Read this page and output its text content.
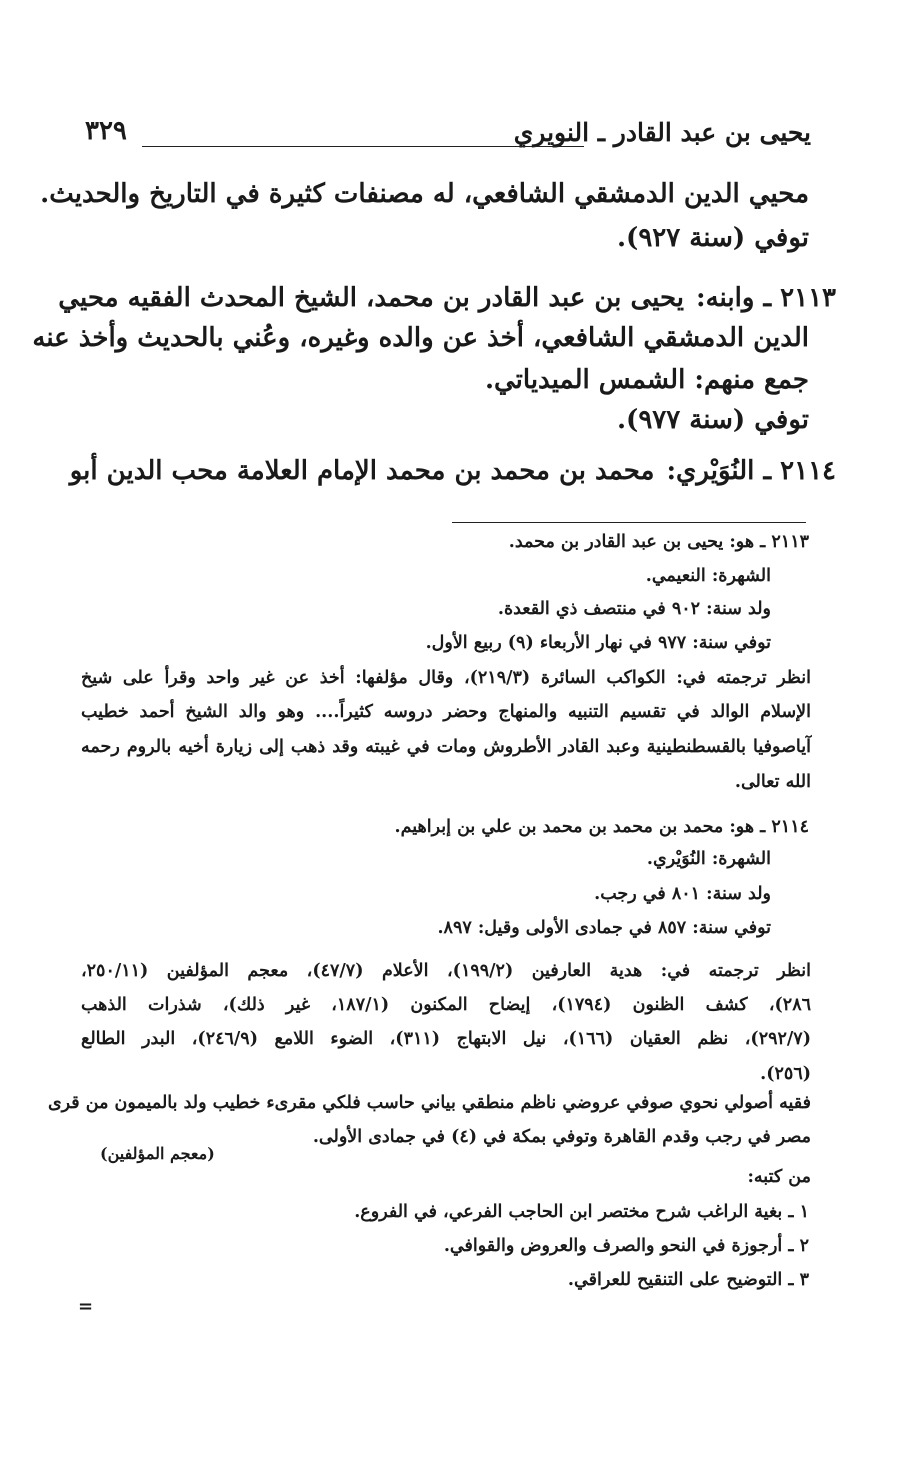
يحيى بن عبد القادر ـ النويري
٣٢٩
محيي الدين الدمشقي الشافعي، له مصنفات كثيرة في التاريخ والحديث.
توفي (سنة ٩٢٧).
٢١١٣ ـ وابنه:
يحيى بن عبد القادر بن محمد، الشيخ المحدث الفقيه محيي
الدين الدمشقي الشافعي، أخذ عن والده وغيره، وعُني بالحديث وأخذ عنه
جمع منهم: الشمس الميدياتي.
توفي (سنة ٩٧٧).
٢١١٤ ـ النُوَيْري:
محمد بن محمد بن محمد الإمام العلامة محب الدين أبو
٢١١٣ ـ هو: يحيى بن عبد القادر بن محمد.
الشهرة: النعيمي.
ولد سنة: ٩٠٢ في منتصف ذي القعدة.
توفي سنة: ٩٧٧ في نهار الأربعاء (٩) ربيع الأول.
انظر ترجمته في: الكواكب السائرة (٢١٩/٣)، وقال مؤلفها: أخذ عن غير واحد وقرأ على شيخ
الإسلام الوالد في تقسيم التنبيه والمنهاج وحضر دروسه كثيراً.... وهو والد الشيخ أحمد خطيب
آياصوفيا بالقسطنطينية وعبد القادر الأطروش ومات في غيبته وقد ذهب إلى زيارة أخيه بالروم رحمه
الله تعالى.
٢١١٤ ـ هو: محمد بن محمد بن محمد بن علي بن إبراهيم.
الشهرة: النُوَيْري.
ولد سنة: ٨٠١ في رجب.
توفي سنة: ٨٥٧ في جمادى الأولى وقيل: ٨٩٧.
انظر ترجمته في: هدية العارفين (١٩٩/٢)، الأعلام (٤٧/٧)، معجم المؤلفين (٢٥٠/١١،
٢٨٦)، كشف الظنون (١٧٩٤)، إيضاح المكنون (١٨٧/١، غير ذلك)، شذرات الذهب
(٢٩٢/٧)، نظم العقيان (١٦٦)، نيل الابتهاج (٣١١)، الضوء اللامع (٢٤٦/٩)، البدر الطالع
(٢٥٦).
فقيه أصولي نحوي صوفي عروضي ناظم منطقي بياني حاسب فلكي مقرىء خطيب ولد بالميمون من قرى
مصر في رجب وقدم القاهرة وتوفي بمكة في (٤) في جمادى الأولى.
(معجم المؤلفين)
من كتبه:
١ ـ بغية الراغب شرح مختصر ابن الحاجب الفرعي، في الفروع.
٢ ـ أرجوزة في النحو والصرف والعروض والقوافي.
٣ ـ التوضيح على التنقيح للعراقي.
=
